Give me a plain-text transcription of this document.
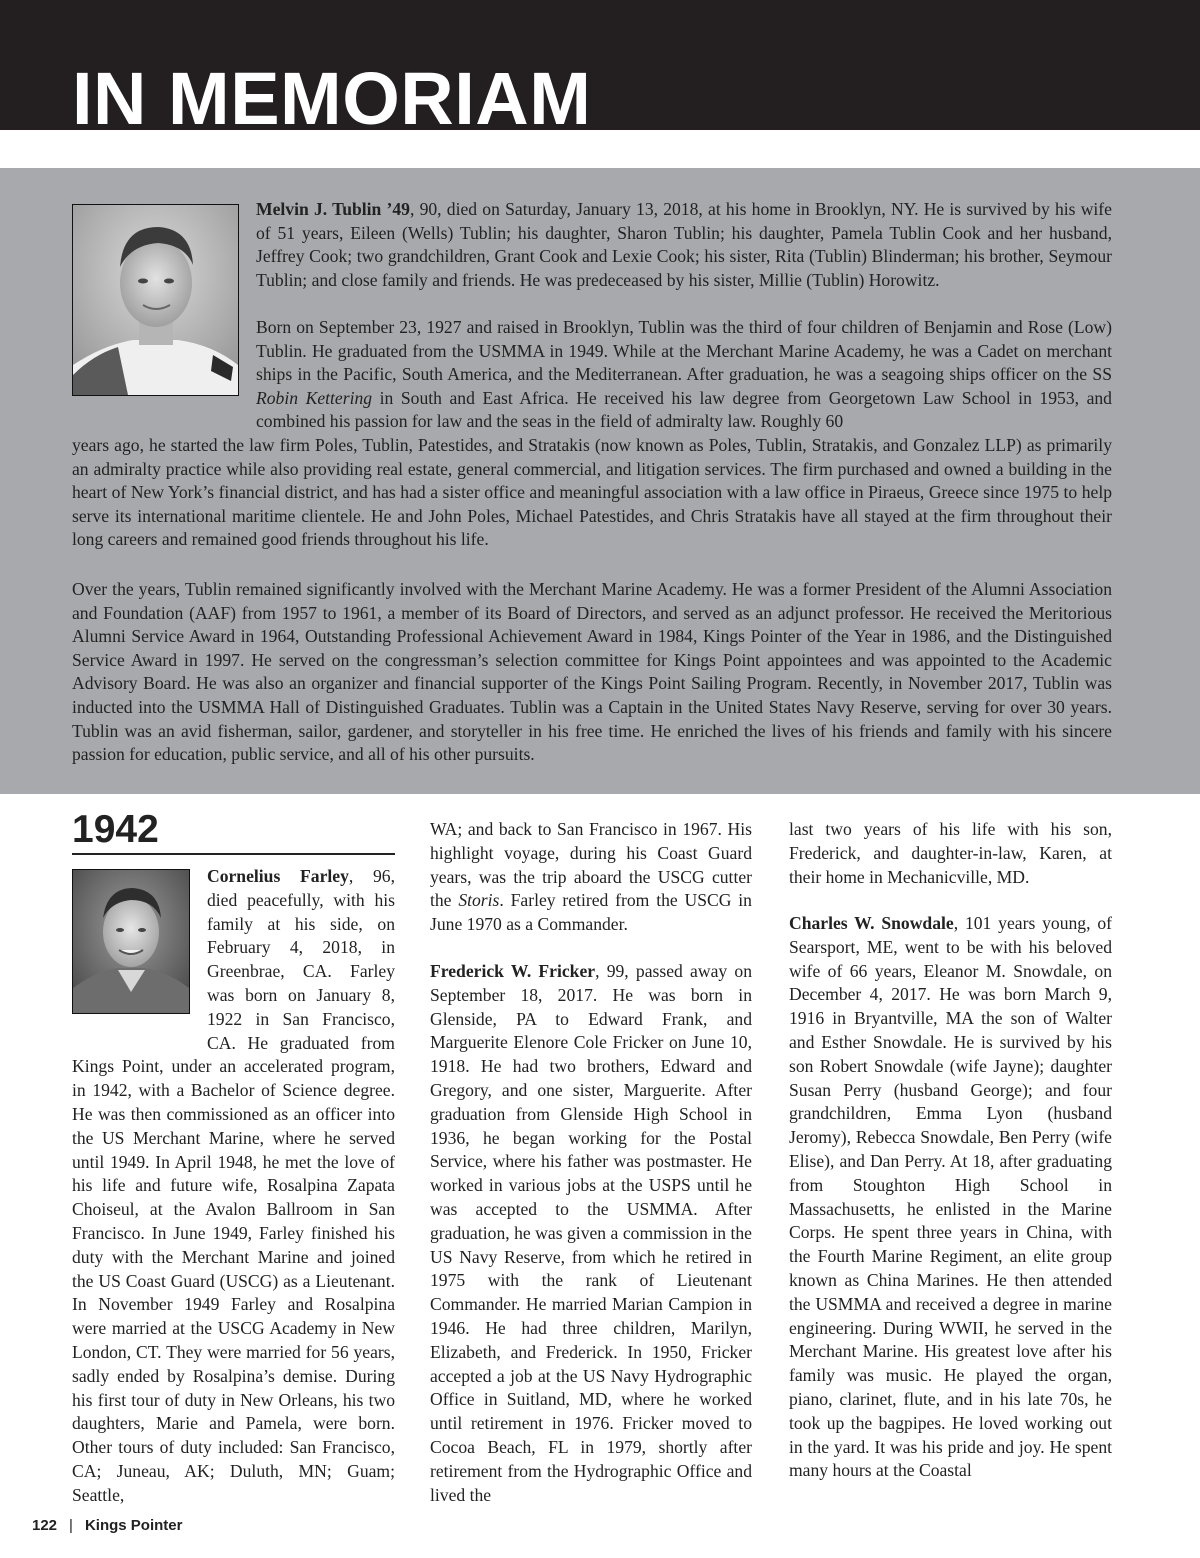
IN MEMORIAM

Melvin J. Tublin ’49, 90, died on Saturday, January 13, 2018, at his home in Brooklyn, NY. He is survived by his wife of 51 years, Eileen (Wells) Tublin; his daughter, Sharon Tublin; his daughter, Pamela Tublin Cook and her husband, Jeffrey Cook; two grandchildren, Grant Cook and Lexie Cook; his sister, Rita (Tublin) Blinderman; his brother, Seymour Tublin; and close family and friends. He was predeceased by his sister, Millie (Tublin) Horowitz.

Born on September 23, 1927 and raised in Brooklyn, Tublin was the third of four children of Benjamin and Rose (Low) Tublin. He graduated from the USMMA in 1949. While at the Merchant Marine Academy, he was a Cadet on merchant ships in the Pacific, South America, and the Mediterranean. After graduation, he was a seagoing ships officer on the SS Robin Kettering in South and East Africa. He received his law degree from Georgetown Law School in 1953, and combined his passion for law and the seas in the field of admiralty law. Roughly 60

years ago, he started the law firm Poles, Tublin, Patestides, and Stratakis (now known as Poles, Tublin, Stratakis, and Gonzalez LLP) as primarily an admiralty practice while also providing real estate, general commercial, and litigation services. The firm purchased and owned a building in the heart of New York’s financial district, and has had a sister office and meaningful association with a law office in Piraeus, Greece since 1975 to help serve its international maritime clientele. He and John Poles, Michael Patestides, and Chris Stratakis have all stayed at the firm throughout their long careers and remained good friends throughout his life.

Over the years, Tublin remained significantly involved with the Merchant Marine Academy. He was a former President of the Alumni Association and Foundation (AAF) from 1957 to 1961, a member of its Board of Directors, and served as an adjunct professor. He received the Meritorious Alumni Service Award in 1964, Outstanding Professional Achievement Award in 1984, Kings Pointer of the Year in 1986, and the Distinguished Service Award in 1997. He served on the congressman’s selection committee for Kings Point appointees and was appointed to the Academic Advisory Board. He was also an organizer and financial supporter of the Kings Point Sailing Program. Recently, in November 2017, Tublin was inducted into the USMMA Hall of Distinguished Graduates. Tublin was a Captain in the United States Navy Reserve, serving for over 30 years. Tublin was an avid fisherman, sailor, gardener, and storyteller in his free time. He enriched the lives of his friends and family with his sincere passion for education, public service, and all of his other pursuits.

1942

Cornelius Farley, 96, died peacefully, with his family at his side, on February 4, 2018, in Greenbrae, CA. Farley was born on January 8, 1922 in San Francisco, CA. He graduated from Kings Point, under an accelerated program, in 1942, with a Bachelor of Science degree. He was then commissioned as an officer into the US Merchant Marine, where he served until 1949. In April 1948, he met the love of his life and future wife, Rosalpina Zapata Choiseul, at the Avalon Ballroom in San Francisco. In June 1949, Farley finished his duty with the Merchant Marine and joined the US Coast Guard (USCG) as a Lieutenant. In November 1949 Farley and Rosalpina were married at the USCG Academy in New London, CT. They were married for 56 years, sadly ended by Rosalpina’s demise. During his first tour of duty in New Orleans, his two daughters, Marie and Pamela, were born. Other tours of duty included: San Francisco, CA; Juneau, AK; Duluth, MN; Guam; Seattle,

WA; and back to San Francisco in 1967. His highlight voyage, during his Coast Guard years, was the trip aboard the USCG cutter the Storis. Farley retired from the USCG in June 1970 as a Commander.

Frederick W. Fricker, 99, passed away on September 18, 2017. He was born in Glenside, PA to Edward Frank, and Marguerite Elenore Cole Fricker on June 10, 1918. He had two brothers, Edward and Gregory, and one sister, Marguerite. After graduation from Glenside High School in 1936, he began working for the Postal Service, where his father was postmaster. He worked in various jobs at the USPS until he was accepted to the USMMA. After graduation, he was given a commission in the US Navy Reserve, from which he retired in 1975 with the rank of Lieutenant Commander. He married Marian Campion in 1946. He had three children, Marilyn, Elizabeth, and Frederick. In 1950, Fricker accepted a job at the US Navy Hydrographic Office in Suitland, MD, where he worked until retirement in 1976. Fricker moved to Cocoa Beach, FL in 1979, shortly after retirement from the Hydrographic Office and lived the

last two years of his life with his son, Frederick, and daughter-in-law, Karen, at their home in Mechanicville, MD.

Charles W. Snowdale, 101 years young, of Searsport, ME, went to be with his beloved wife of 66 years, Eleanor M. Snowdale, on December 4, 2017. He was born March 9, 1916 in Bryantville, MA the son of Walter and Esther Snowdale. He is survived by his son Robert Snowdale (wife Jayne); daughter Susan Perry (husband George); and four grandchildren, Emma Lyon (husband Jeromy), Rebecca Snowdale, Ben Perry (wife Elise), and Dan Perry. At 18, after graduating from Stoughton High School in Massachusetts, he enlisted in the Marine Corps. He spent three years in China, with the Fourth Marine Regiment, an elite group known as China Marines. He then attended the USMMA and received a degree in marine engineering. During WWII, he served in the Merchant Marine. His greatest love after his family was music. He played the organ, piano, clarinet, flute, and in his late 70s, he took up the bagpipes. He loved working out in the yard. It was his pride and joy. He spent many hours at the Coastal

122 | Kings Pointer
